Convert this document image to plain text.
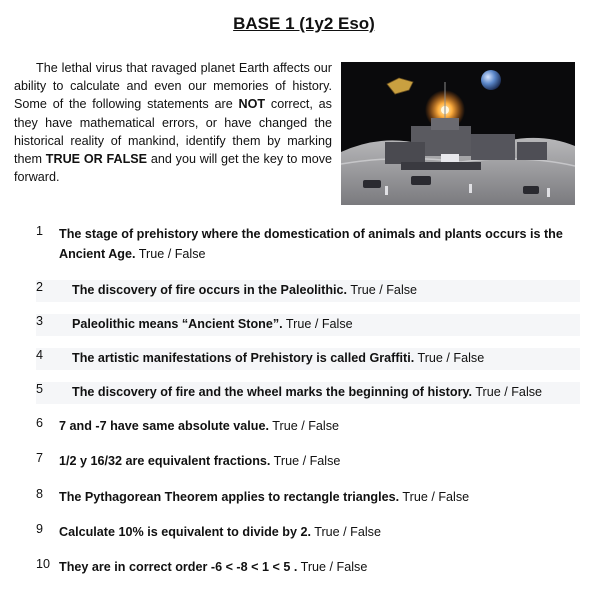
BASE 1 (1y2 Eso)
The lethal virus that ravaged planet Earth affects our ability to calculate and even our memories of history. Some of the following statements are NOT correct, as they have mathematical errors, or have changed the historical reality of mankind, identify them by marking them TRUE OR FALSE and you will get the key to move forward.
1	The stage of prehistory where the domestication of animals and plants occurs is the Ancient Age. True / False
2	The discovery of fire occurs in the Paleolithic. True / False
3	Paleolithic means “Ancient Stone”. True / False
4	The artistic manifestations of Prehistory is called Graffiti. True / False
5	The discovery of fire and the wheel marks the beginning of history. True / False
6	7 and -7 have same absolute value. True / False
7	1/2 y 16/32 are equivalent fractions. True / False
8	The Pythagorean Theorem applies to rectangle triangles. True / False
9	Calculate 10% is equivalent to divide by 2. True / False
10 They are in correct order -6 < -8 < 1 < 5 . True / False
